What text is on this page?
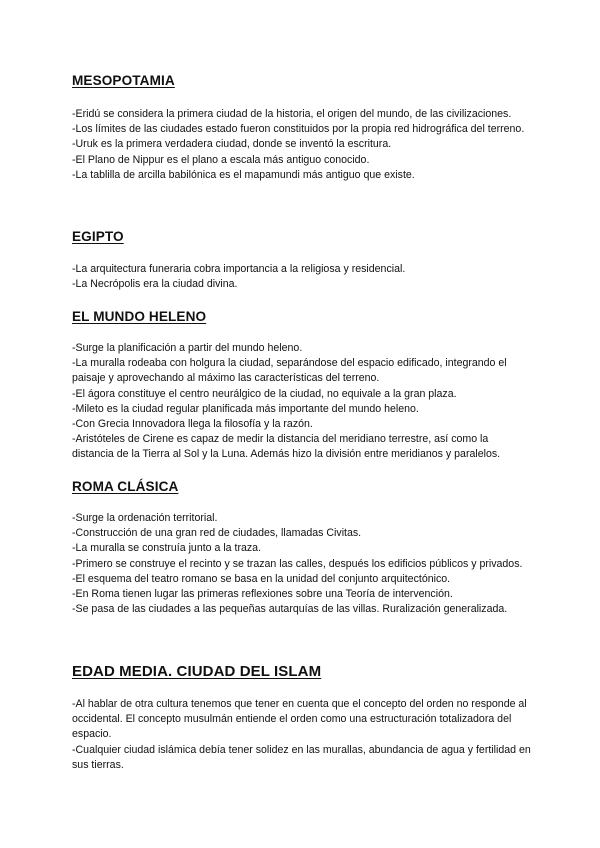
MESOPOTAMIA
-Eridú se considera la primera ciudad de la historia, el origen del mundo, de las civilizaciones.
-Los límites de las ciudades estado fueron constituidos por la propia red hidrográfica del terreno.
-Uruk es la primera verdadera ciudad, donde se inventó la escritura.
-El Plano de Nippur es el plano a escala más antiguo conocido.
-La tablilla de arcilla babilónica es el mapamundi más antiguo que existe.
EGIPTO
-La arquitectura funeraria cobra importancia a la religiosa y residencial.
-La Necrópolis era la ciudad divina.
EL MUNDO HELENO
-Surge la planificación a partir del mundo heleno.
-La muralla rodeaba con holgura la ciudad, separándose del espacio edificado, integrando el paisaje y aprovechando al máximo las características del terreno.
-El ágora constituye el centro neurálgico de la ciudad, no equivale a la gran plaza.
-Mileto es la ciudad regular planificada más importante del mundo heleno.
-Con Grecia Innovadora llega la filosofía y la razón.
-Aristóteles de Cirene es capaz de medir la distancia del meridiano terrestre, así como la distancia de la Tierra al Sol y la Luna. Además hizo la división entre meridianos y paralelos.
ROMA CLÁSICA
-Surge la ordenación territorial.
-Construcción de una gran red de ciudades, llamadas Civitas.
-La muralla se construía junto a la traza.
-Primero se construye el recinto y se trazan las calles, después los edificios públicos y privados.
-El esquema del teatro romano se basa en la unidad del conjunto arquitectónico.
-En Roma tienen lugar las primeras reflexiones sobre una Teoría de intervención.
-Se pasa de las ciudades a las pequeñas autarquías de las villas. Ruralización generalizada.
EDAD MEDIA. CIUDAD DEL ISLAM
-Al hablar de otra cultura tenemos que tener en cuenta que el concepto del orden no responde al occidental. El concepto musulmán entiende el orden como una estructuración totalizadora del espacio.
-Cualquier ciudad islámica debía tener solidez en las murallas, abundancia de agua y fertilidad en sus tierras.
